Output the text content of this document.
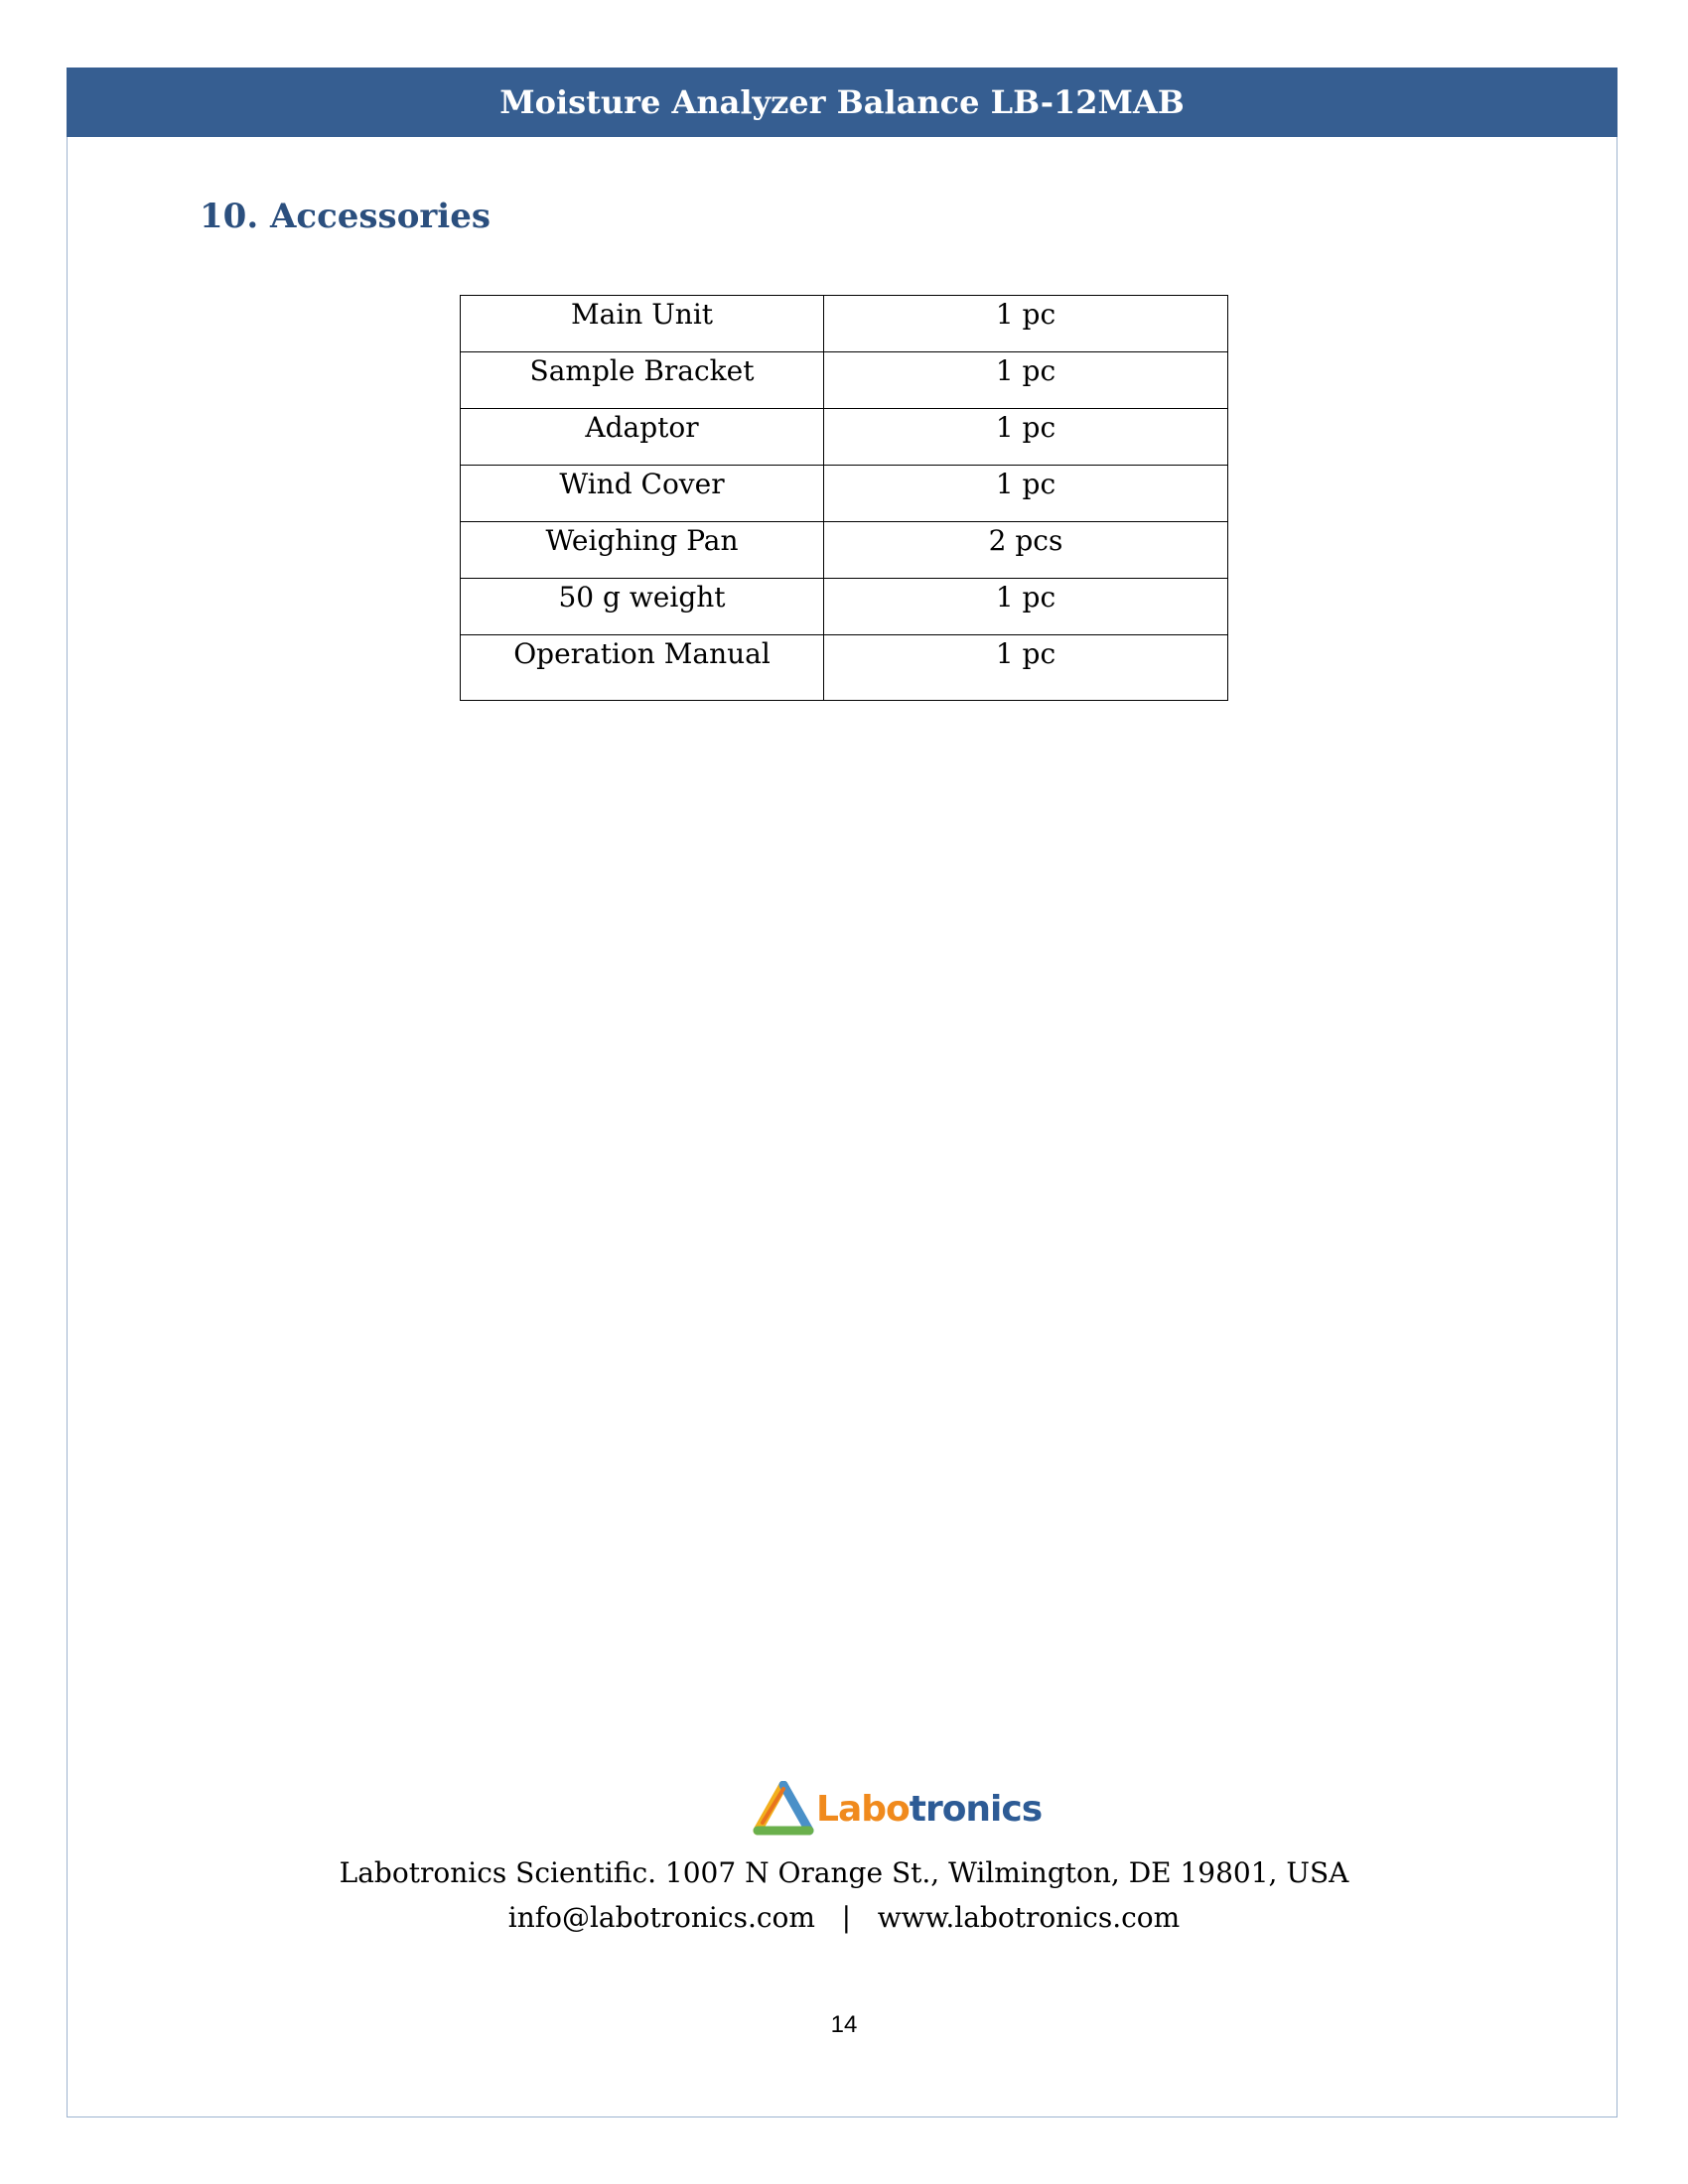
Moisture Analyzer Balance LB-12MAB
10. Accessories
Main Unit	1 pc
Sample Bracket	1 pc
Adaptor	1 pc
Wind Cover	1 pc
Weighing Pan	2 pcs
50 g weight	1 pc
Operation Manual	1 pc
Labotronics
Labotronics Scientific. 1007 N Orange St., Wilmington, DE 19801, USA
info@labotronics.com | www.labotronics.com
14
